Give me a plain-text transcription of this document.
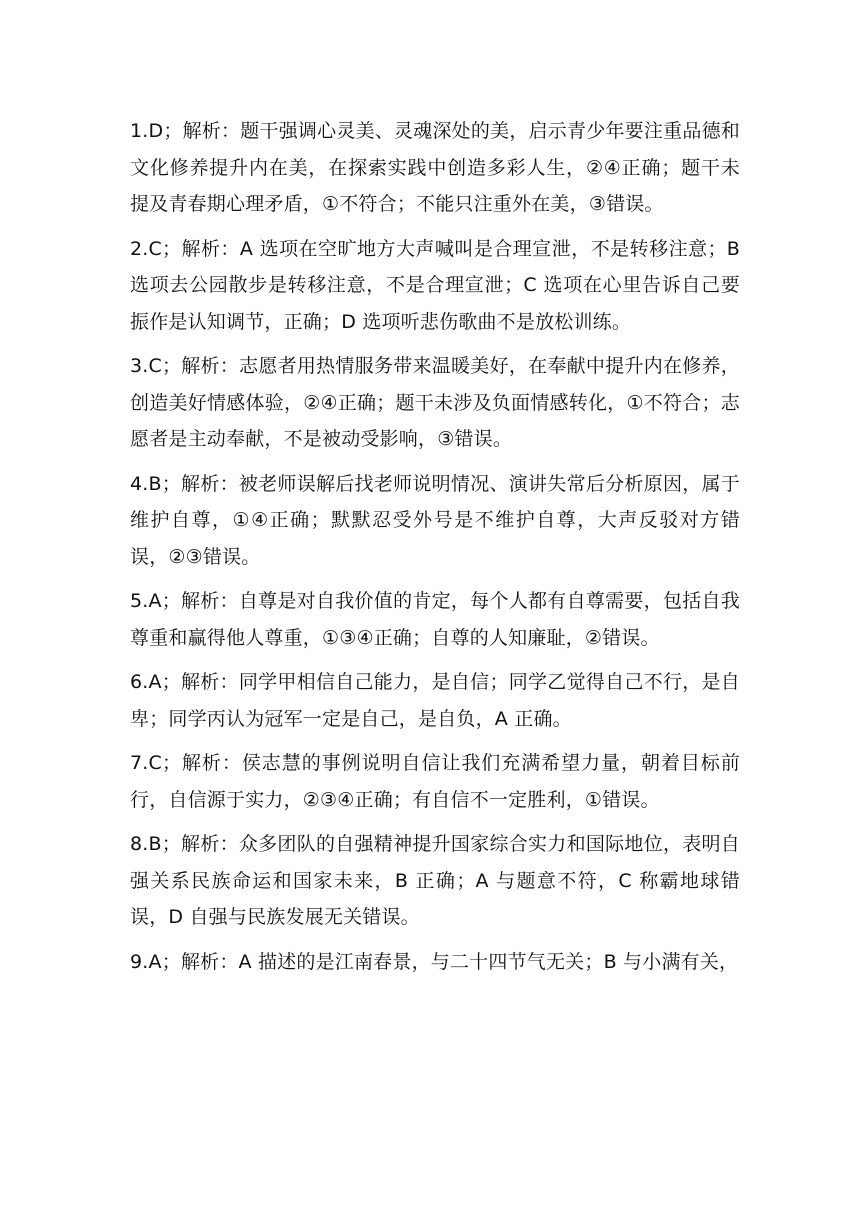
1.D；解析：题干强调心灵美、灵魂深处的美，启示青少年要注重品德和文化修养提升内在美，在探索实践中创造多彩人生，②④正确；题干未提及青春期心理矛盾，①不符合；不能只注重外在美，③错误。

2.C；解析：A 选项在空旷地方大声喊叫是合理宣泄，不是转移注意；B 选项去公园散步是转移注意，不是合理宣泄；C 选项在心里告诉自己要振作是认知调节，正确；D 选项听悲伤歌曲不是放松训练。

3.C；解析：志愿者用热情服务带来温暖美好，在奉献中提升内在修养，创造美好情感体验，②④正确；题干未涉及负面情感转化，①不符合；志愿者是主动奉献，不是被动受影响，③错误。

4.B；解析：被老师误解后找老师说明情况、演讲失常后分析原因，属于维护自尊，①④正确；默默忍受外号是不维护自尊，大声反驳对方错误，②③错误。

5.A；解析：自尊是对自我价值的肯定，每个人都有自尊需要，包括自我尊重和赢得他人尊重，①③④正确；自尊的人知廉耻，②错误。

6.A；解析：同学甲相信自己能力，是自信；同学乙觉得自己不行，是自卑；同学丙认为冠军一定是自己，是自负，A 正确。

7.C；解析：侯志慧的事例说明自信让我们充满希望力量，朝着目标前行，自信源于实力，②③④正确；有自信不一定胜利，①错误。

8.B；解析：众多团队的自强精神提升国家综合实力和国际地位，表明自强关系民族命运和国家未来，B 正确；A 与题意不符，C 称霸地球错误，D 自强与民族发展无关错误。

9.A；解析：A 描述的是江南春景，与二十四节气无关；B 与小满有关，
